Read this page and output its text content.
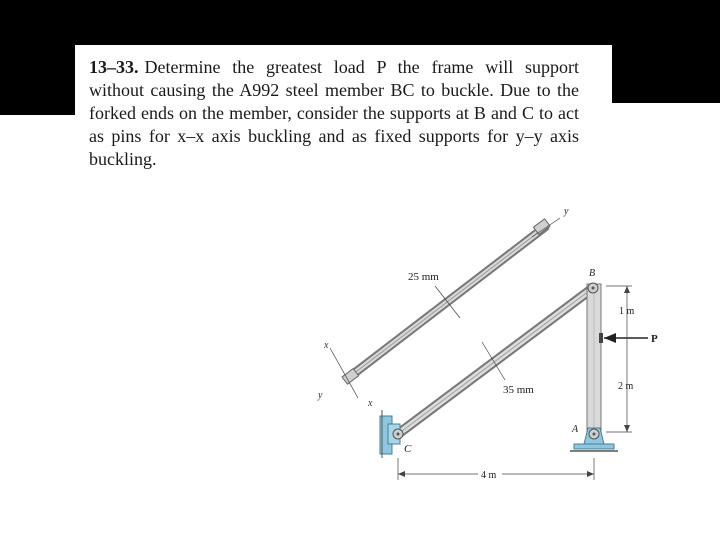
13–33. Determine the greatest load P the frame will support without causing the A992 steel member BC to buckle. Due to the forked ends on the member, consider the supports at B and C to act as pins for x–x axis buckling and as fixed supports for y–y axis buckling.
y
x
y
x
25 mm
35 mm
B
C
A
P
1 m
2 m
4 m
